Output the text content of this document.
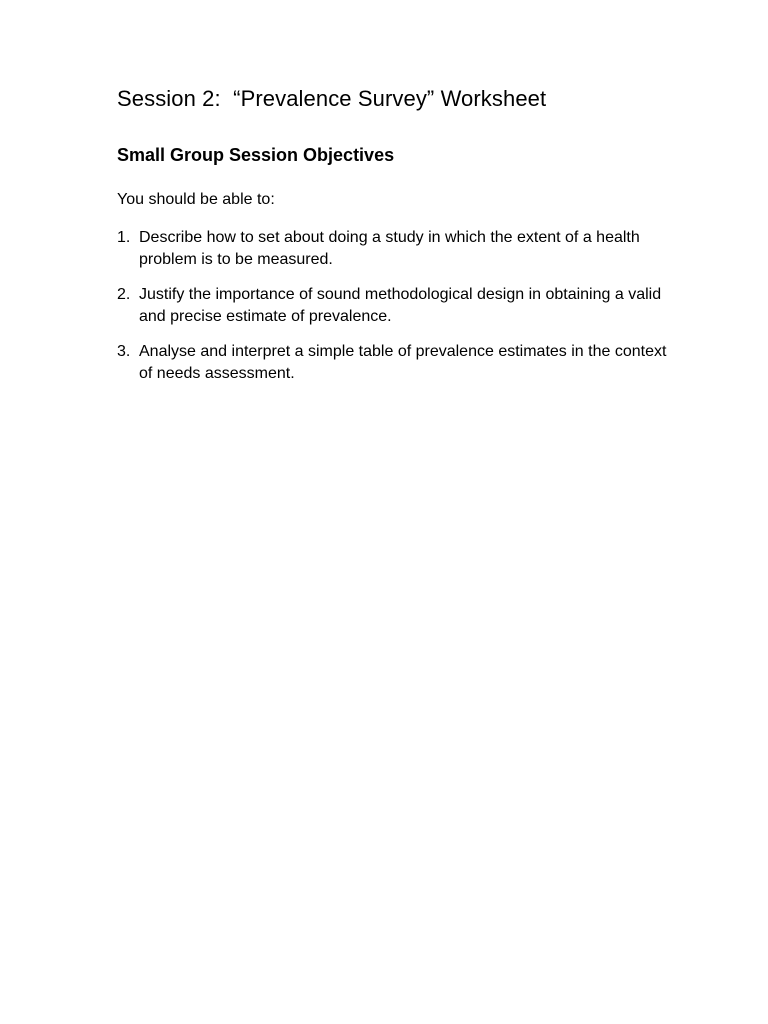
Session 2:  “Prevalence Survey” Worksheet
Small Group Session Objectives

You should be able to:

1. Describe how to set about doing a study in which the extent of a health problem is to be measured.
2. Justify the importance of sound methodological design in obtaining a valid and precise estimate of prevalence.
3. Analyse and interpret a simple table of prevalence estimates in the context of needs assessment.
